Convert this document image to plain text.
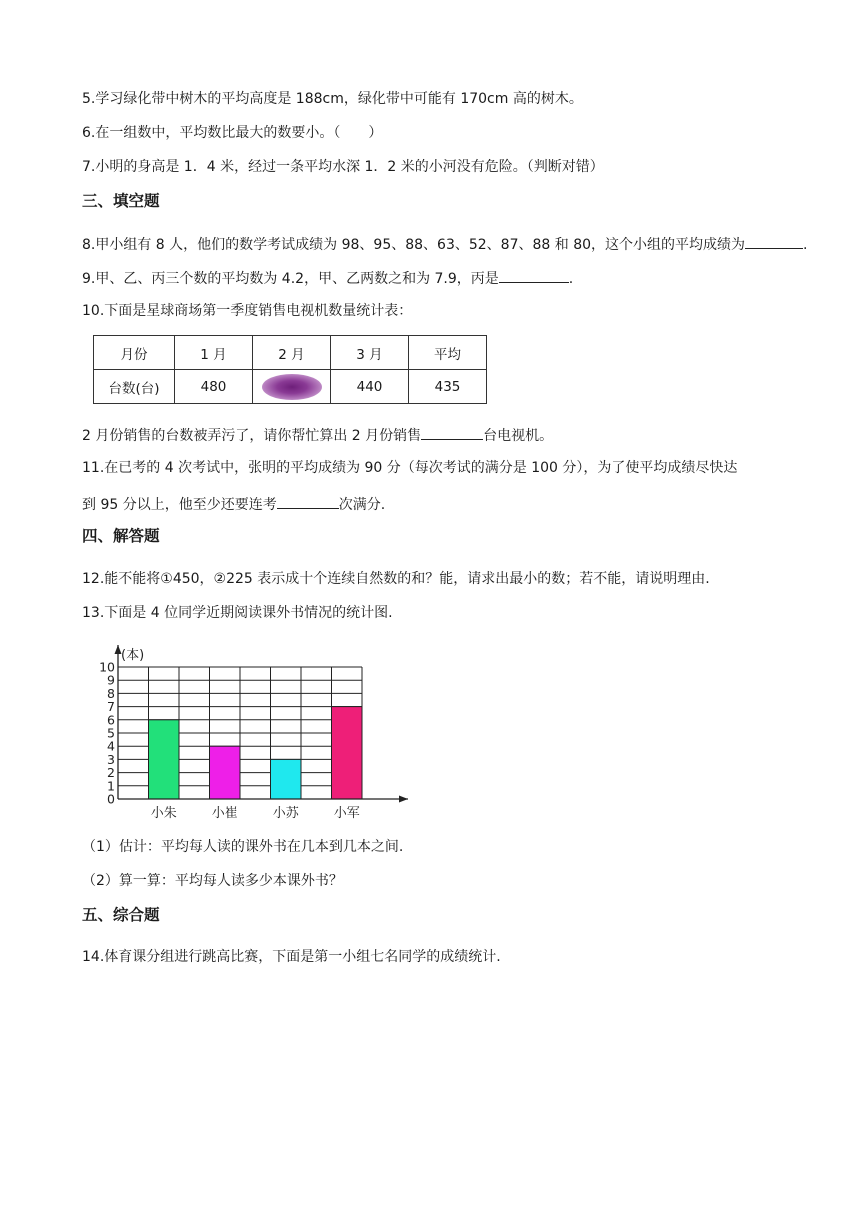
5.学习绿化带中树木的平均高度是 188cm，绿化带中可能有 170cm 高的树木。
6.在一组数中，平均数比最大的数要小。（　　）
7.小明的身高是 1．4 米，经过一条平均水深 1．2 米的小河没有危险。（判断对错）
三、填空题
8.甲小组有 8 人，他们的数学考试成绩为 98、95、88、63、52、87、88 和 80，这个小组的平均成绩为	.
9.甲、乙、丙三个数的平均数为 4.2，甲、乙两数之和为 7.9，丙是	.
10.下面是星球商场第一季度销售电视机数量统计表：
月份	1 月	2 月	3 月	平均
台数(台)	480		440	435
2 月份销售的台数被弄污了，请你帮忙算出 2 月份销售	台电视机。
11.在已考的 4 次考试中，张明的平均成绩为 90 分（每次考试的满分是 100 分），为了使平均成绩尽快达
到 95 分以上，他至少还要连考	次满分.
四、解答题
12.能不能将①450，②225 表示成十个连续自然数的和？能，请求出最小的数；若不能，请说明理由.
13.下面是 4 位同学近期阅读课外书情况的统计图.
(本)
0
1
2
3
4
5
6
7
8
9
10
小朱	小崔	小苏	小军
（1）估计：平均每人读的课外书在几本到几本之间.
（2）算一算：平均每人读多少本课外书？
五、综合题
14.体育课分组进行跳高比赛，下面是第一小组七名同学的成绩统计.
